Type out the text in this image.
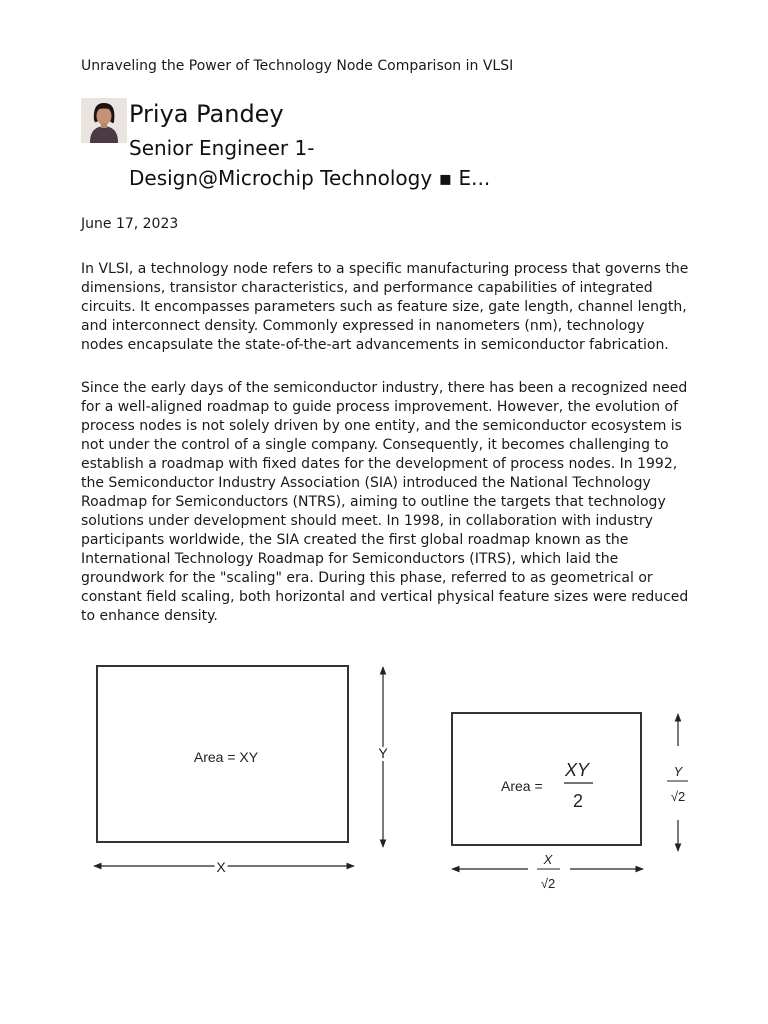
Unraveling the Power of Technology Node Comparison in VLSI
Priya Pandey
Senior Engineer 1-
Design@Microchip Technology ▪ E...
June 17, 2023

In VLSI, a technology node refers to a specific manufacturing process that governs the dimensions, transistor characteristics, and performance capabilities of integrated circuits. It encompasses parameters such as feature size, gate length, channel length, and interconnect density. Commonly expressed in nanometers (nm), technology nodes encapsulate the state-of-the-art advancements in semiconductor fabrication.

Since the early days of the semiconductor industry, there has been a recognized need for a well-aligned roadmap to guide process improvement. However, the evolution of process nodes is not solely driven by one entity, and the semiconductor ecosystem is not under the control of a single company. Consequently, it becomes challenging to establish a roadmap with fixed dates for the development of process nodes. In 1992, the Semiconductor Industry Association (SIA) introduced the National Technology Roadmap for Semiconductors (NTRS), aiming to outline the targets that technology solutions under development should meet. In 1998, in collaboration with industry participants worldwide, the SIA created the first global roadmap known as the International Technology Roadmap for Semiconductors (ITRS), which laid the groundwork for the "scaling" era. During this phase, referred to as geometrical or constant field scaling, both horizontal and vertical physical feature sizes were reduced to enhance density.

Area = XY	Y
X
Area =
XY
2
Y
√2
X
√2
